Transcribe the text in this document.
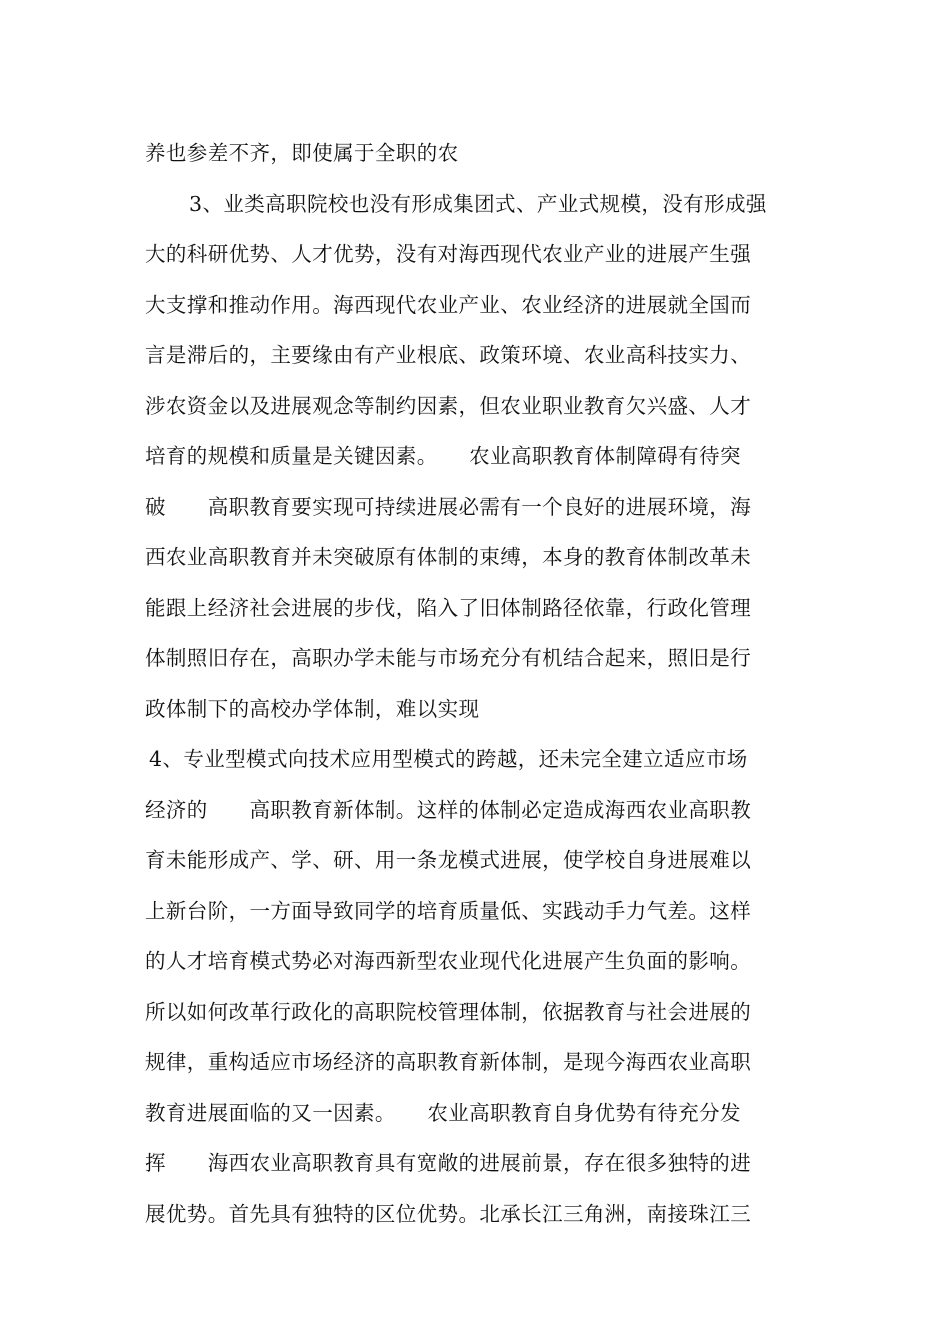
养也参差不齐，即使属于全职的农
3、业类高职院校也没有形成集团式、产业式规模，没有形成强
大的科研优势、人才优势，没有对海西现代农业产业的进展产生强
大支撑和推动作用。海西现代农业产业、农业经济的进展就全国而
言是滞后的，主要缘由有产业根底、政策环境、农业高科技实力、
涉农资金以及进展观念等制约因素，但农业职业教育欠兴盛、人才
培育的规模和质量是关键因素。　　农业高职教育体制障碍有待突
破　　高职教育要实现可持续进展必需有一个良好的进展环境，海
西农业高职教育并未突破原有体制的束缚，本身的教育体制改革未
能跟上经济社会进展的步伐，陷入了旧体制路径依靠，行政化管理
体制照旧存在，高职办学未能与市场充分有机结合起来，照旧是行
政体制下的高校办学体制，难以实现
4、专业型模式向技术应用型模式的跨越，还未完全建立适应市场
经济的　　高职教育新体制。这样的体制必定造成海西农业高职教
育未能形成产、学、研、用一条龙模式进展，使学校自身进展难以
上新台阶，一方面导致同学的培育质量低、实践动手力气差。这样
的人才培育模式势必对海西新型农业现代化进展产生负面的影响。
所以如何改革行政化的高职院校管理体制，依据教育与社会进展的
规律，重构适应市场经济的高职教育新体制，是现今海西农业高职
教育进展面临的又一因素。　　农业高职教育自身优势有待充分发
挥　　海西农业高职教育具有宽敞的进展前景，存在很多独特的进
展优势。首先具有独特的区位优势。北承长江三角洲，南接珠江三
